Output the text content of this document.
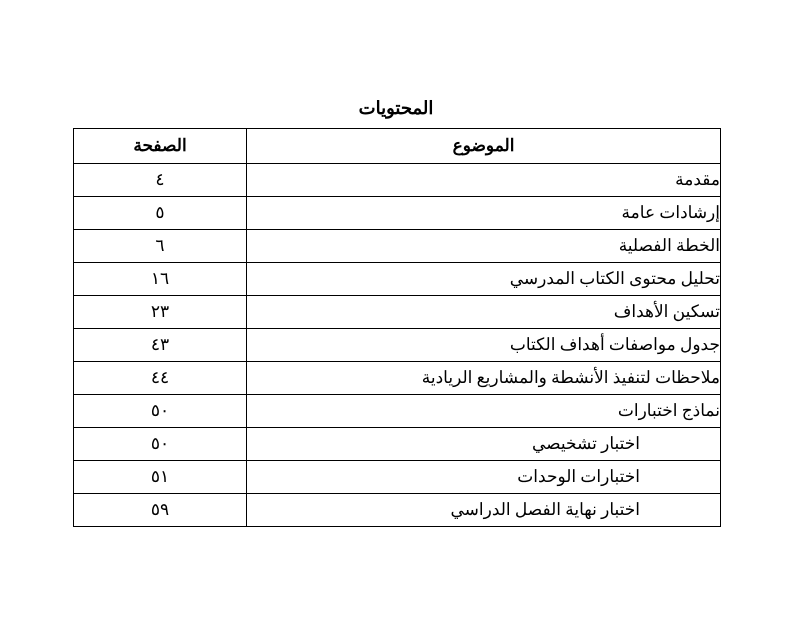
المحتويات
الموضوع	الصفحة
مقدمة	٤
إرشادات عامة	٥
الخطة الفصلية	٦
تحليل محتوى الكتاب المدرسي	١٦
تسكين الأهداف	٢٣
جدول مواصفات أهداف الكتاب	٤٣
ملاحظات لتنفيذ الأنشطة والمشاريع الريادية	٤٤
نماذج اختبارات	٥٠
اختبار تشخيصي	٥٠
اختبارات الوحدات	٥١
اختبار نهاية الفصل الدراسي	٥٩
